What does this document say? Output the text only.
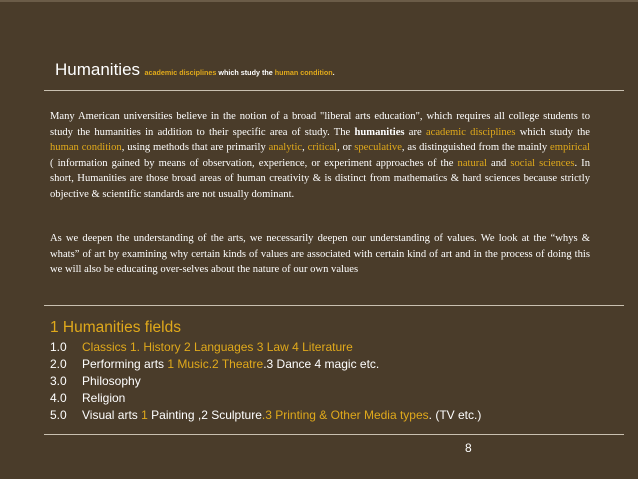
Humanities academic disciplines which study the human condition.
Many American universities believe in the notion of a broad "liberal arts education", which requires all college students to study the humanities in addition to their specific area of study. The humanities are academic disciplines which study the human condition, using methods that are primarily analytic, critical, or speculative, as distinguished from the mainly empirical ( information gained by means of observation, experience, or experiment approaches of the natural and social sciences. In short, Humanities are those broad areas of human creativity & is distinct from mathematics & hard sciences because strictly objective & scientific standards are not usually dominant.
As we deepen the understanding of the arts, we necessarily deepen our understanding of values. We look at the “whys & whats” of art by examining why certain kinds of values are associated with certain kind of art and in the process of doing this we will also be educating over-selves about the nature of our own values
1 Humanities fields
1.0 Classics 1. History 2 Languages 3 Law 4 Literature
2.0 Performing arts 1 Music.2 Theatre.3 Dance 4 magic etc.
3.0 Philosophy
4.0 Religion
5.0 Visual arts 1 Painting ,2 Sculpture.3 Printing & Other Media types. (TV etc.)
8
